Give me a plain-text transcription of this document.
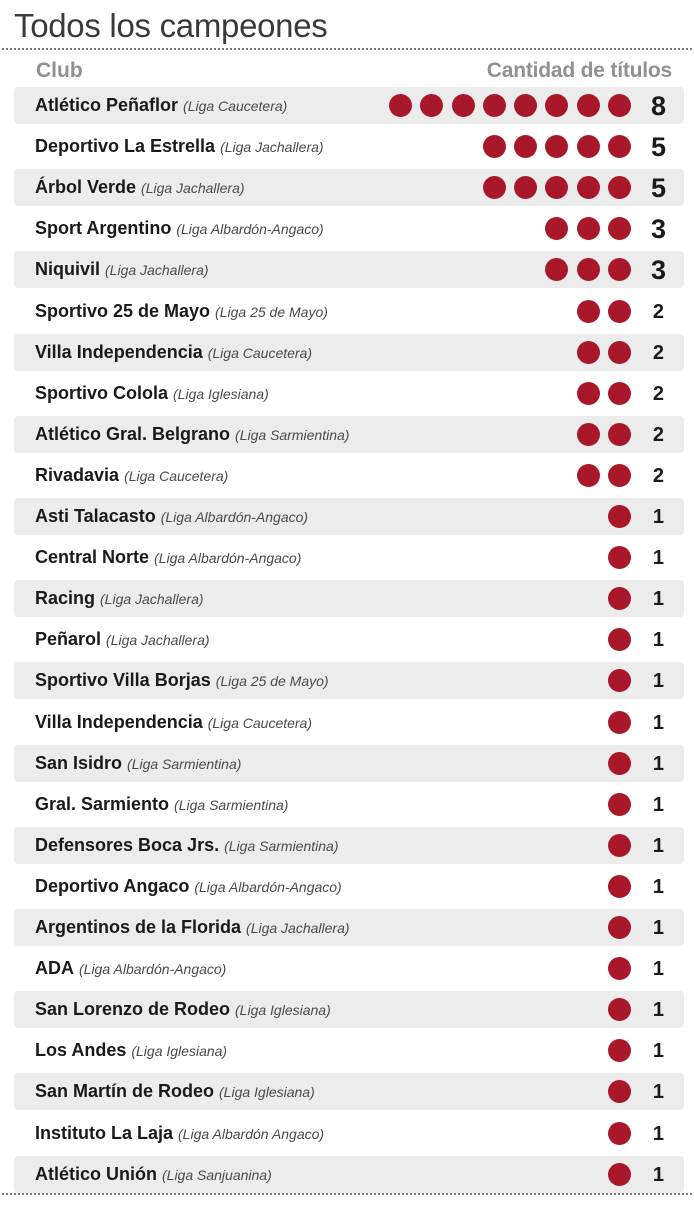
Todos los campeones
Club	Cantidad de títulos
Atlético Peñaflor (Liga Caucetera)	8
Deportivo La Estrella (Liga Jachallera)	5
Árbol Verde (Liga Jachallera)	5
Sport Argentino (Liga Albardón-Angaco)	3
Niquivil (Liga Jachallera)	3
Sportivo 25 de Mayo (Liga 25 de Mayo)	2
Villa Independencia (Liga Caucetera)	2
Sportivo Colola (Liga Iglesiana)	2
Atlético Gral. Belgrano (Liga Sarmientina)	2
Rivadavia (Liga Caucetera)	2
Asti Talacasto (Liga Albardón-Angaco)	1
Central Norte (Liga Albardón-Angaco)	1
Racing (Liga Jachallera)	1
Peñarol (Liga Jachallera)	1
Sportivo Villa Borjas (Liga 25 de Mayo)	1
Villa Independencia (Liga Caucetera)	1
San Isidro (Liga Sarmientina)	1
Gral. Sarmiento (Liga Sarmientina)	1
Defensores Boca Jrs. (Liga Sarmientina)	1
Deportivo Angaco (Liga Albardón-Angaco)	1
Argentinos de la Florida (Liga Jachallera)	1
ADA (Liga Albardón-Angaco)	1
San Lorenzo de Rodeo (Liga Iglesiana)	1
Los Andes (Liga Iglesiana)	1
San Martín de Rodeo (Liga Iglesiana)	1
Instituto La Laja (Liga Albardón Angaco)	1
Atlético Unión (Liga Sanjuanina)	1
